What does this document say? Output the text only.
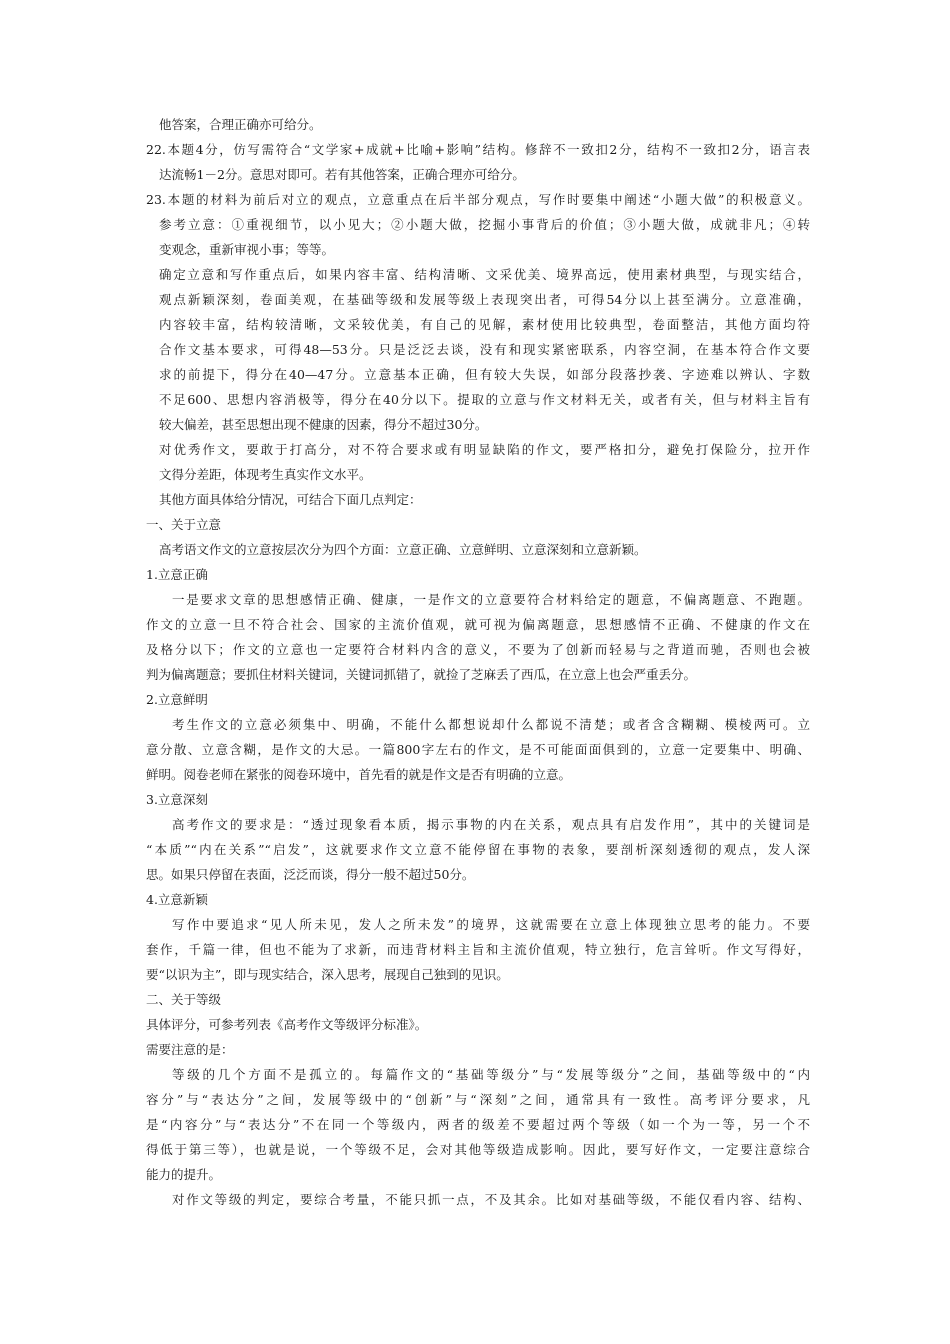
他答案，合理正确亦可给分。
22.本题4分，仿写需符合“文学家+成就+比喻+影响”结构。修辞不一致扣2分，结构不一致扣2分，语言表
达流畅1－2分。意思对即可。若有其他答案，正确合理亦可给分。
23.本题的材料为前后对立的观点，立意重点在后半部分观点，写作时要集中阐述“小题大做”的积极意义。
参考立意：①重视细节，以小见大；②小题大做，挖掘小事背后的价值；③小题大做，成就非凡；④转
变观念，重新审视小事；等等。
确定立意和写作重点后，如果内容丰富、结构清晰、文采优美、境界高远，使用素材典型，与现实结合，
观点新颖深刻，卷面美观，在基础等级和发展等级上表现突出者，可得54分以上甚至满分。立意准确，
内容较丰富，结构较清晰，文采较优美，有自己的见解，素材使用比较典型，卷面整洁，其他方面均符
合作文基本要求，可得48—53分。只是泛泛去谈，没有和现实紧密联系，内容空洞，在基本符合作文要
求的前提下，得分在40—47分。立意基本正确，但有较大失误，如部分段落抄袭、字迹难以辨认、字数
不足600、思想内容消极等，得分在40分以下。提取的立意与作文材料无关，或者有关，但与材料主旨有
较大偏差，甚至思想出现不健康的因素，得分不超过30分。
对优秀作文，要敢于打高分，对不符合要求或有明显缺陷的作文，要严格扣分，避免打保险分，拉开作
文得分差距，体现考生真实作文水平。
其他方面具体给分情况，可结合下面几点判定：
一、关于立意
高考语文作文的立意按层次分为四个方面：立意正确、立意鲜明、立意深刻和立意新颖。
1.立意正确
一是要求文章的思想感情正确、健康，一是作文的立意要符合材料给定的题意，不偏离题意、不跑题。
作文的立意一旦不符合社会、国家的主流价值观，就可视为偏离题意，思想感情不正确、不健康的作文在
及格分以下；作文的立意也一定要符合材料内含的意义，不要为了创新而轻易与之背道而驰，否则也会被
判为偏离题意；要抓住材料关键词，关键词抓错了，就捡了芝麻丢了西瓜，在立意上也会严重丢分。
2.立意鲜明
考生作文的立意必须集中、明确，不能什么都想说却什么都说不清楚；或者含含糊糊、模棱两可。立
意分散、立意含糊，是作文的大忌。一篇800字左右的作文，是不可能面面俱到的，立意一定要集中、明确、
鲜明。阅卷老师在紧张的阅卷环境中，首先看的就是作文是否有明确的立意。
3.立意深刻
高考作文的要求是：“透过现象看本质，揭示事物的内在关系，观点具有启发作用”，其中的关键词是
“本质”“内在关系”“启发”，这就要求作文立意不能停留在事物的表象，要剖析深刻透彻的观点，发人深
思。如果只停留在表面，泛泛而谈，得分一般不超过50分。
4.立意新颖
写作中要追求“见人所未见，发人之所未发”的境界，这就需要在立意上体现独立思考的能力。不要
套作，千篇一律，但也不能为了求新，而违背材料主旨和主流价值观，特立独行，危言耸听。作文写得好，
要“以识为主”，即与现实结合，深入思考，展现自己独到的见识。
二、关于等级
具体评分，可参考列表《高考作文等级评分标准》。
需要注意的是：
等级的几个方面不是孤立的。每篇作文的“基础等级分”与“发展等级分”之间，基础等级中的“内
容分”与“表达分”之间，发展等级中的“创新”与“深刻”之间，通常具有一致性。高考评分要求，凡
是“内容分”与“表达分”不在同一个等级内，两者的级差不要超过两个等级（如一个为一等，另一个不
得低于第三等），也就是说，一个等级不足，会对其他等级造成影响。因此，要写好作文，一定要注意综合
能力的提升。
对作文等级的判定，要综合考量，不能只抓一点，不及其余。比如对基础等级，不能仅看内容、结构、
